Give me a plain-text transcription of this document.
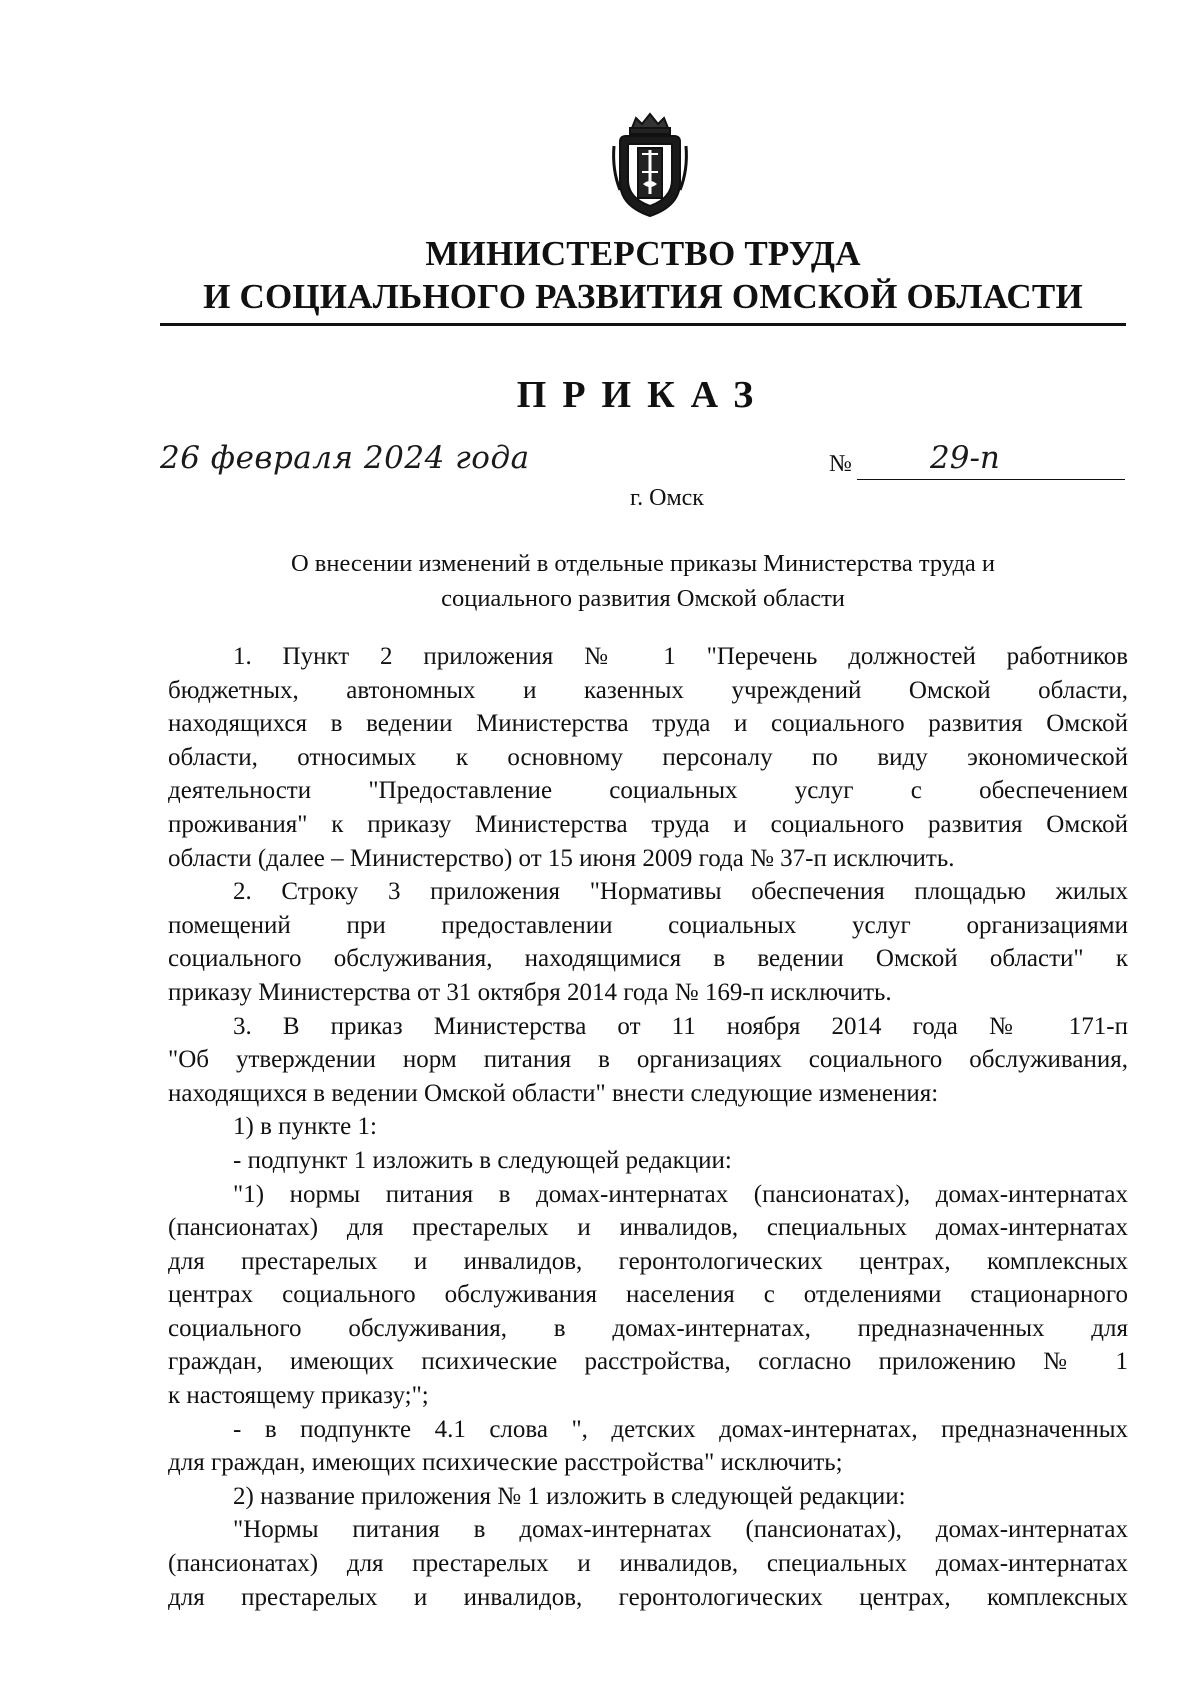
МИНИСТЕРСТВО ТРУДА
И СОЦИАЛЬНОГО РАЗВИТИЯ ОМСКОЙ ОБЛАСТИ
ПРИКАЗ
26 февраля 2024 года	№	29-п
г. Омск
О внесении изменений в отдельные приказы Министерства труда и
социального развития Омской области

1. Пункт 2 приложения № 1 "Перечень должностей работников

бюджетных, автономных и казенных учреждений Омской области,

находящихся в ведении Министерства труда и социального развития Омской

области, относимых к основному персоналу по виду экономической

деятельности "Предоставление социальных услуг с обеспечением

проживания" к приказу Министерства труда и социального развития Омской

области (далее – Министерство) от 15 июня 2009 года № 37-п исключить.

2. Строку 3 приложения "Нормативы обеспечения площадью жилых

помещений при предоставлении социальных услуг организациями

социального обслуживания, находящимися в ведении Омской области" к

приказу Министерства от 31 октября 2014 года № 169-п исключить.

3. В приказ Министерства от 11 ноября 2014 года № 171-п

"Об утверждении норм питания в организациях социального обслуживания,

находящихся в ведении Омской области" внести следующие изменения:

1) в пункте 1:

- подпункт 1 изложить в следующей редакции:

"1) нормы питания в домах-интернатах (пансионатах), домах-интернатах

(пансионатах) для престарелых и инвалидов, специальных домах-интернатах

для престарелых и инвалидов, геронтологических центрах, комплексных

центрах социального обслуживания населения с отделениями стационарного

социального обслуживания, в домах-интернатах, предназначенных для

граждан, имеющих психические расстройства, согласно приложению № 1

к настоящему приказу;";

- в подпункте 4.1 слова ", детских домах-интернатах, предназначенных

для граждан, имеющих психические расстройства" исключить;

2) название приложения № 1 изложить в следующей редакции:

"Нормы питания в домах-интернатах (пансионатах), домах-интернатах

(пансионатах) для престарелых и инвалидов, специальных домах-интернатах

для престарелых и инвалидов, геронтологических центрах, комплексных
